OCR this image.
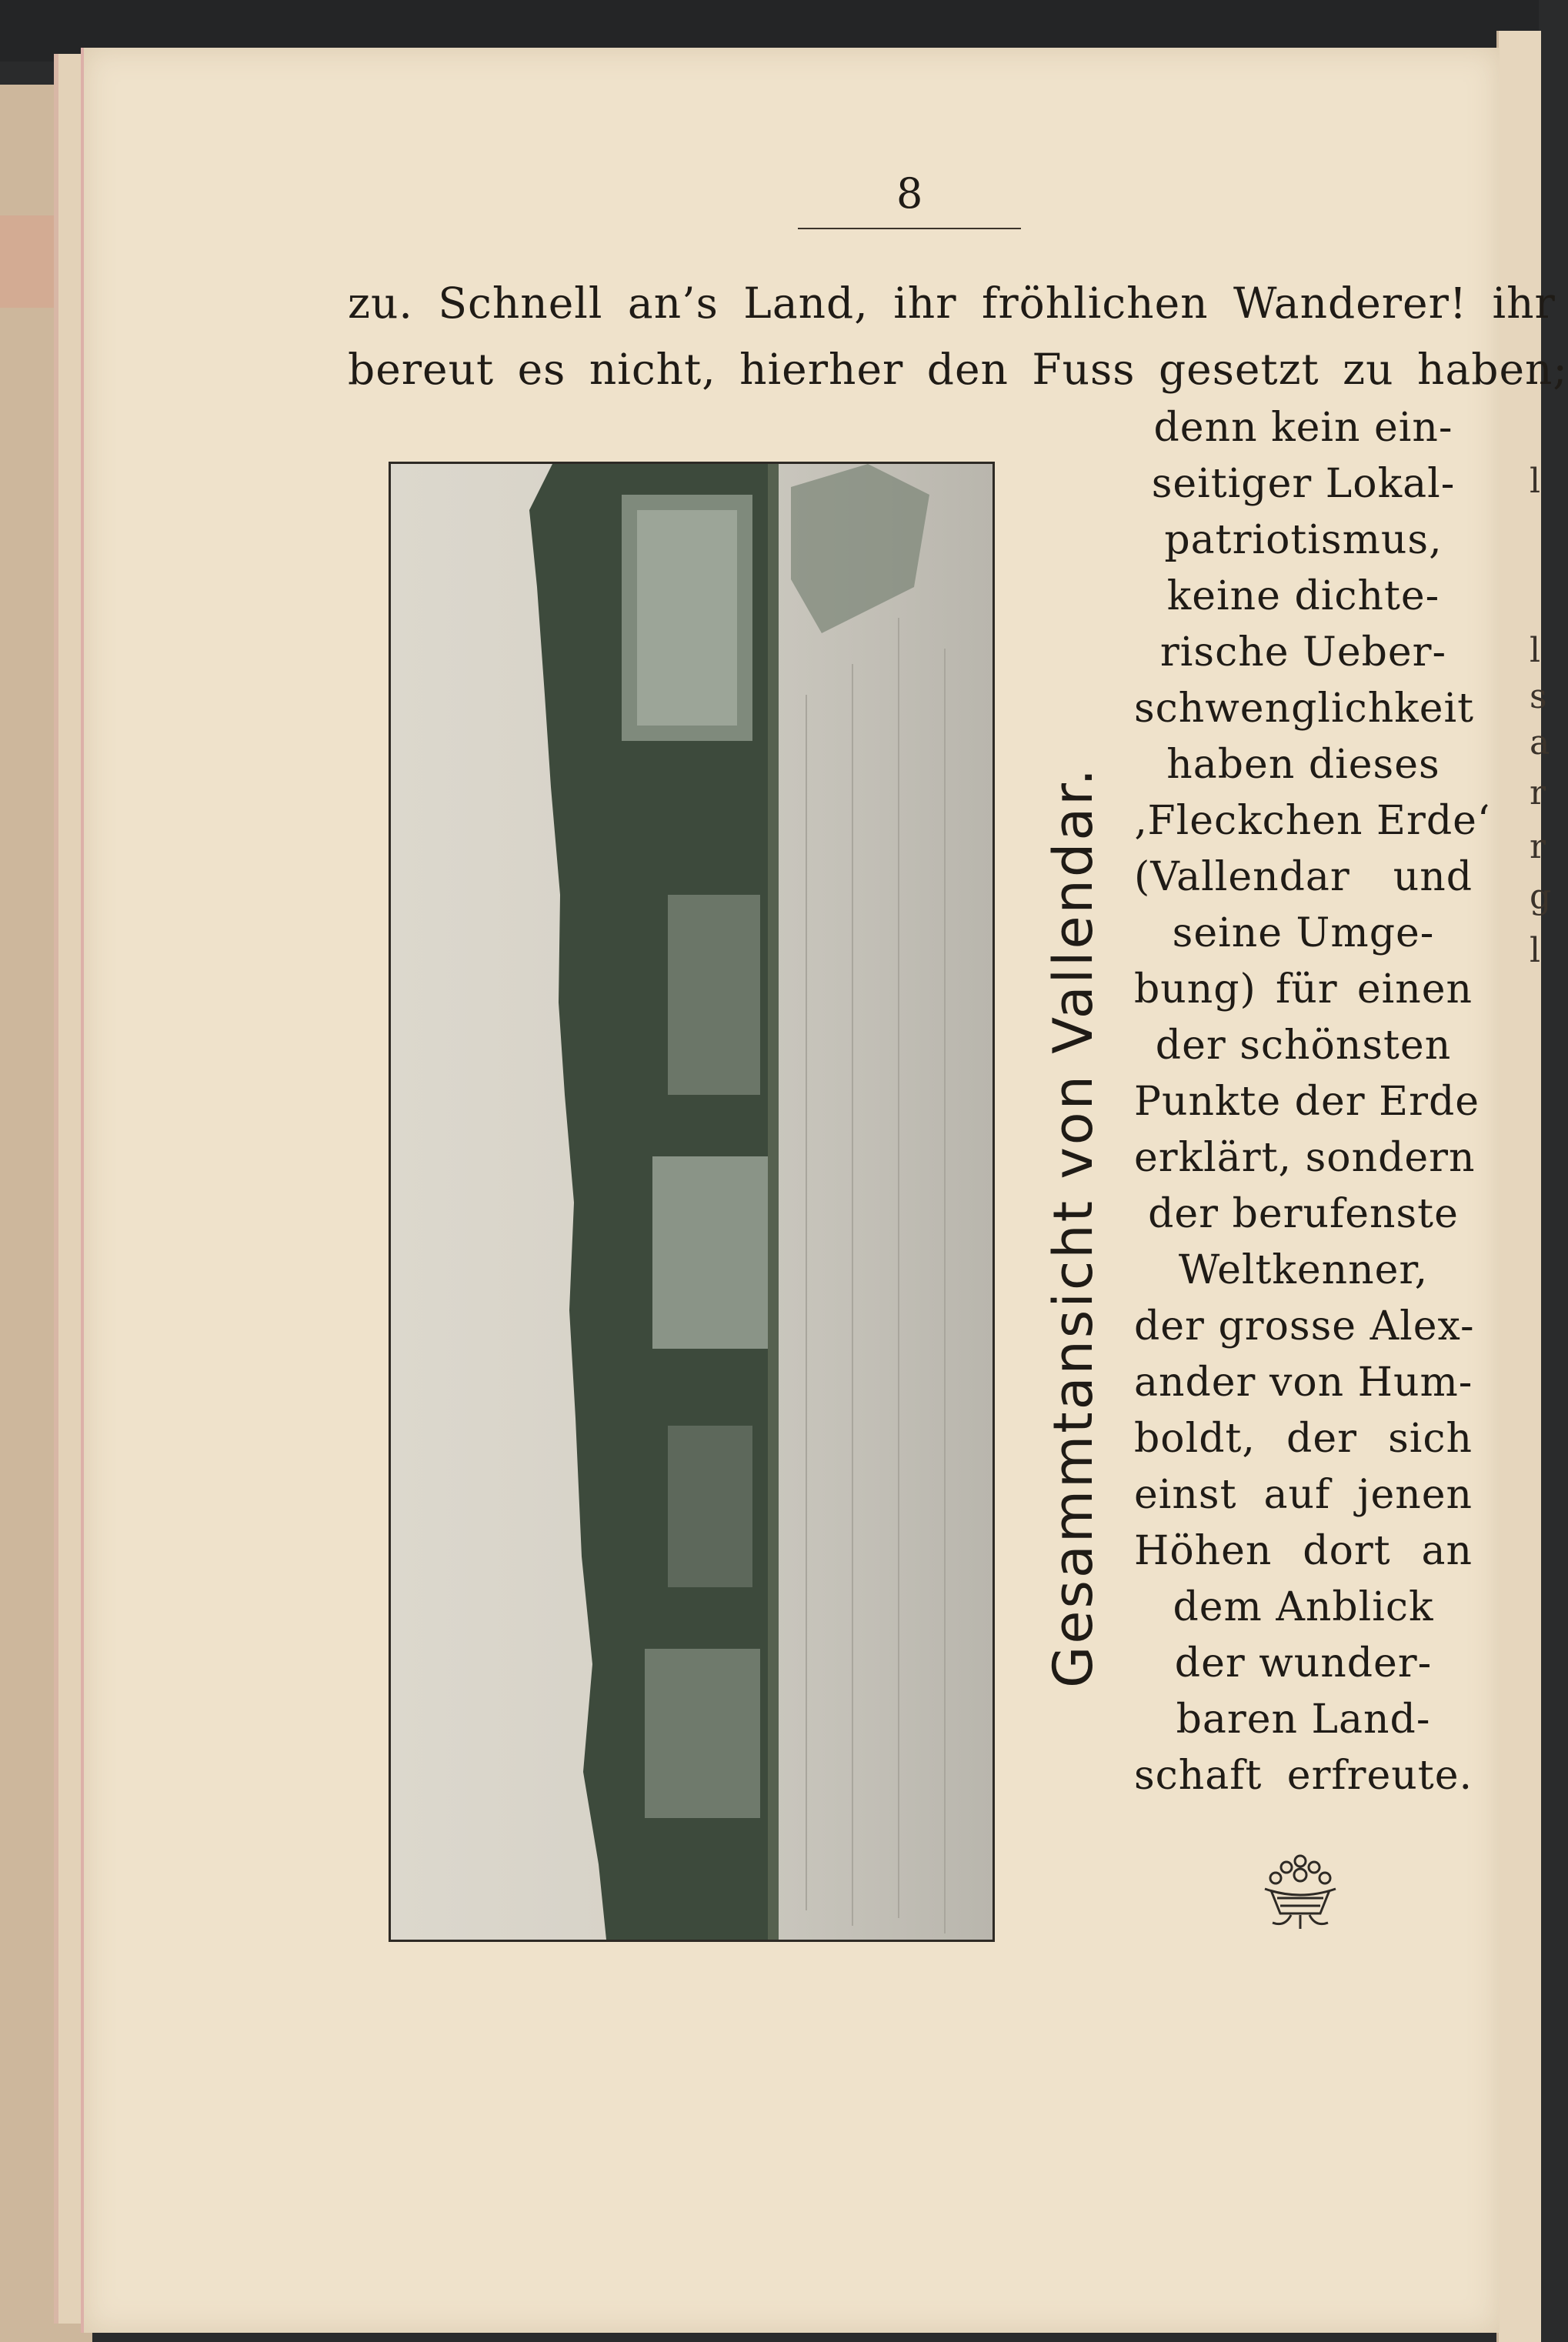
l
l
s
a
r
r
g
l
8
zu. Schnell an’s Land, ihr fröhlichen Wanderer! ihr
bereut es nicht, hierher den Fuss gesetzt zu haben;
Gesammtansicht von Vallendar.
denn kein ein-
seitiger Lokal-
patriotismus,
keine dichte-
rische Ueber-
schwenglichkeit
haben dieses
‚Fleckchen Erde‘
(Vallendar und
seine Umge-
bung) für einen
der schönsten
Punkte der Erde
erklärt, sondern
der berufenste
Weltkenner,
der grosse Alex-
ander von Hum-
boldt, der sich
einst auf jenen
Höhen dort an
dem Anblick
der wunder-
baren Land-
schaft erfreute.
